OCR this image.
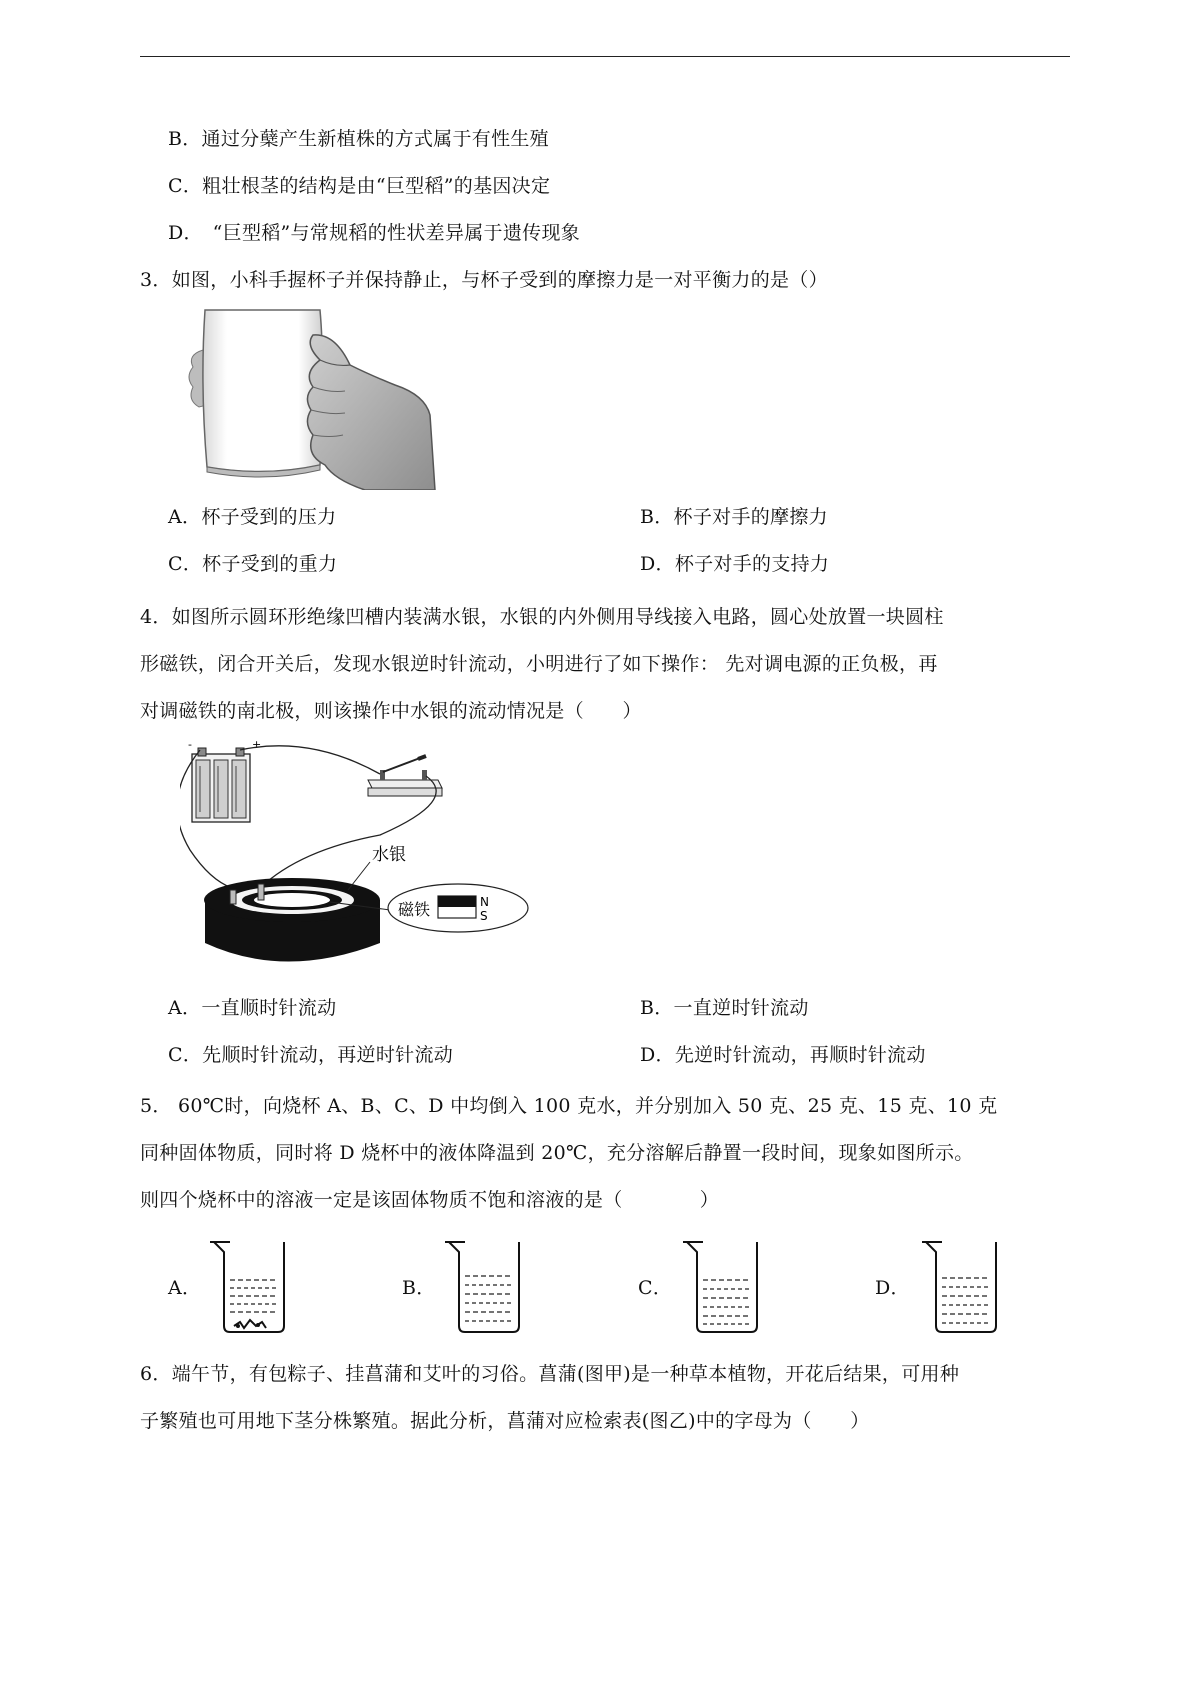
B．通过分蘖产生新植株的方式属于有性生殖
C．粗壮根茎的结构是由“巨型稻”的基因决定
D．　“巨型稻”与常规稻的性状差异属于遗传现象
3．如图，小科手握杯子并保持静止，与杯子受到的摩擦力是一对平衡力的是（）
A．杯子受到的压力	B．杯子对手的摩擦力
C．杯子受到的重力	D．杯子对手的支持力
4．如图所示圆环形绝缘凹槽内装满水银，水银的内外侧用导线接入电路，圆心处放置一块圆柱
形磁铁，闭合开关后，发现水银逆时针流动，小明进行了如下操作： 先对调电源的正负极，再
对调磁铁的南北极，则该操作中水银的流动情况是（　　）
-	+
水银
磁铁	N
S
A．一直顺时针流动	B．一直逆时针流动
C．先顺时针流动，再逆时针流动	D．先逆时针流动，再顺时针流动
5． 60℃时，向烧杯 A、B、C、D 中均倒入 100 克水，并分别加入 50 克、25 克、15 克、10 克
同种固体物质，同时将 D 烧杯中的液体降温到 20℃，充分溶解后静置一段时间，现象如图所示。
则四个烧杯中的溶液一定是该固体物质不饱和溶液的是（　　　　）
A．	B．	C．	D．
6．端午节，有包粽子、挂菖蒲和艾叶的习俗。菖蒲(图甲)是一种草本植物，开花后结果，可用种
子繁殖也可用地下茎分株繁殖。据此分析，菖蒲对应检索表(图乙)中的字母为（　　）
